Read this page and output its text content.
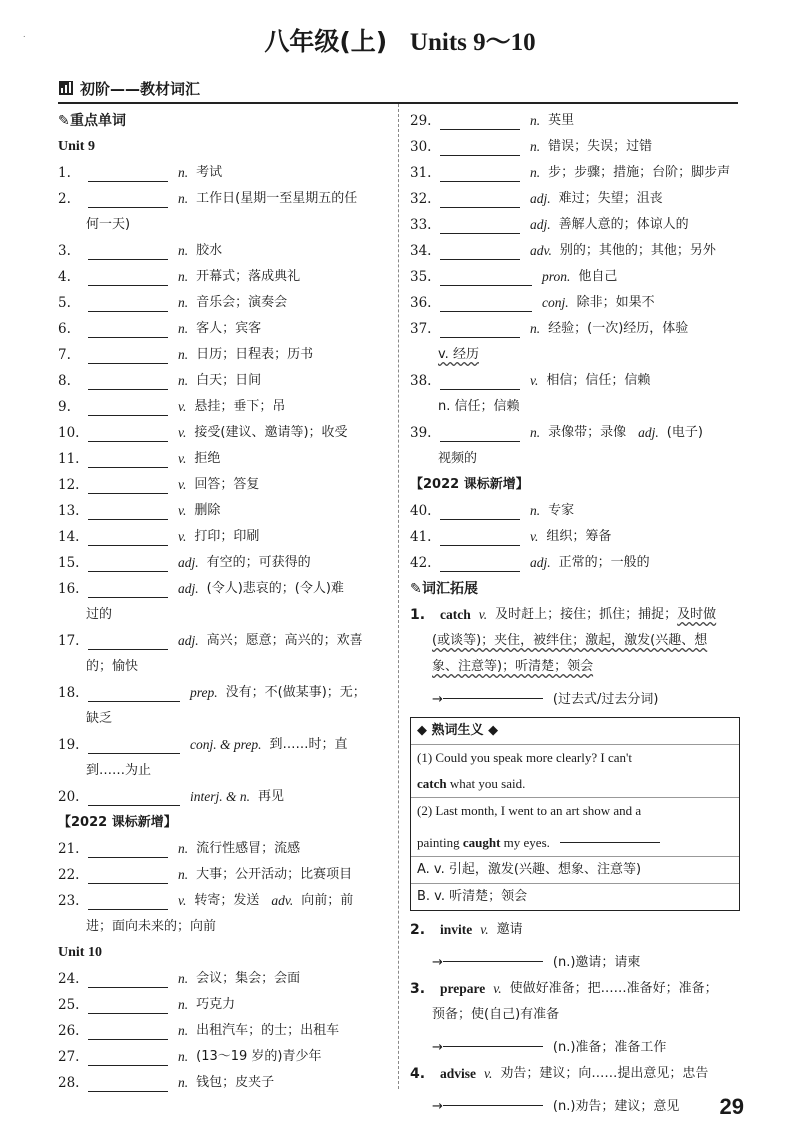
˙	八年级(上) Units 9～10
初阶——教材词汇
✎重点单词
Unit 9
1.	n. 考试
2.	n. 工作日(星期一至星期五的任
何一天)
3.	n. 胶水
4.	n. 开幕式；落成典礼
5.	n. 音乐会；演奏会
6.	n. 客人；宾客
7.	n. 日历；日程表；历书
8.	n. 白天；日间
9.	v. 悬挂；垂下；吊
10.	v. 接受(建议、邀请等)；收受
11.	v. 拒绝
12.	v. 回答；答复
13.	v. 删除
14.	v. 打印；印刷
15.	adj. 有空的；可获得的
16.	adj. (令人)悲哀的；(令人)难
过的
17.	adj. 高兴；愿意；高兴的；欢喜
的；愉快
18.	prep. 没有；不(做某事)；无；
缺乏
19.	conj. & prep. 到……时；直
到……为止
20.	interj. & n. 再见
【2022 课标新增】
21.	n. 流行性感冒；流感
22.	n. 大事；公开活动；比赛项目
23.	v. 转寄；发送 adv. 向前；前
进；面向未来的；向前
Unit 10
24.	n. 会议；集会；会面
25.	n. 巧克力
26.	n. 出租汽车；的士；出租车
27.	n. (13～19 岁的)青少年
28.	n. 钱包；皮夹子
29.	n. 英里
30.	n. 错误；失误；过错
31.	n. 步；步骤；措施；台阶；脚步声
32.	adj. 难过；失望；沮丧
33.	adj. 善解人意的；体谅人的
34.	adv. 别的；其他的；其他；另外
35.	pron. 他自己
36.	conj. 除非；如果不
37.	n. 经验；(一次)经历，体验
v. 经历
38.	v. 相信；信任；信赖
n. 信任；信赖
39.	n. 录像带；录像 adj. (电子)
视频的
【2022 课标新增】
40.	n. 专家
41.	v. 组织；筹备
42.	adj. 正常的；一般的
✎词汇拓展
1.	catch v. 及时赶上；接住；抓住；捕捉；及时做
(或谈等)；夹住，被绊住；激起，激发(兴趣、想
象、注意等)；听清楚；领会
→	(过去式/过去分词)
◆ 熟词生义 ◆
(1) Could you speak more clearly? I can't
catch what you said.
(2) Last month, I went to an art show and a
painting caught my eyes.
A. v. 引起，激发(兴趣、想象、注意等)
B. v. 听清楚；领会
2.	invite v. 邀请
→	(n.)邀请；请柬
3.	prepare v. 使做好准备；把……准备好；准备；
预备；使(自己)有准备
→	(n.)准备；准备工作
4.	advise v. 劝告；建议；向……提出意见；忠告
→	(n.)劝告；建议；意见	29
